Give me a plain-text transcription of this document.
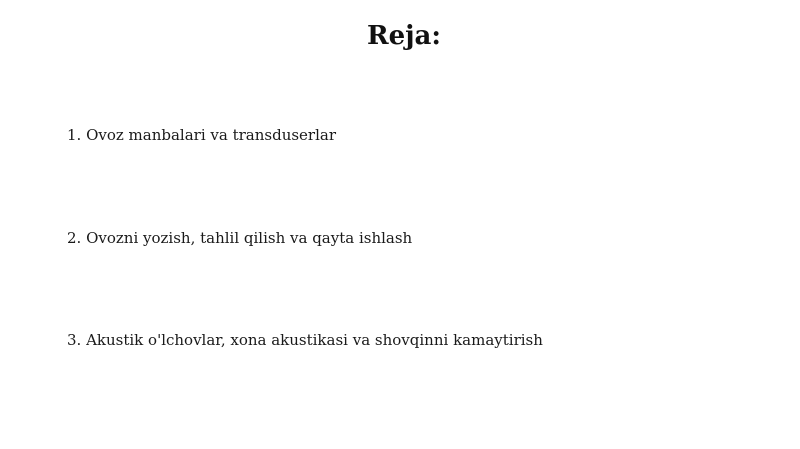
Reja:
1. Ovoz manbalari va transduserlar
2. Ovozni yozish, tahlil qilish va qayta ishlash
3. Akustik o'lchovlar, xona akustikasi va shovqinni kamaytirish
